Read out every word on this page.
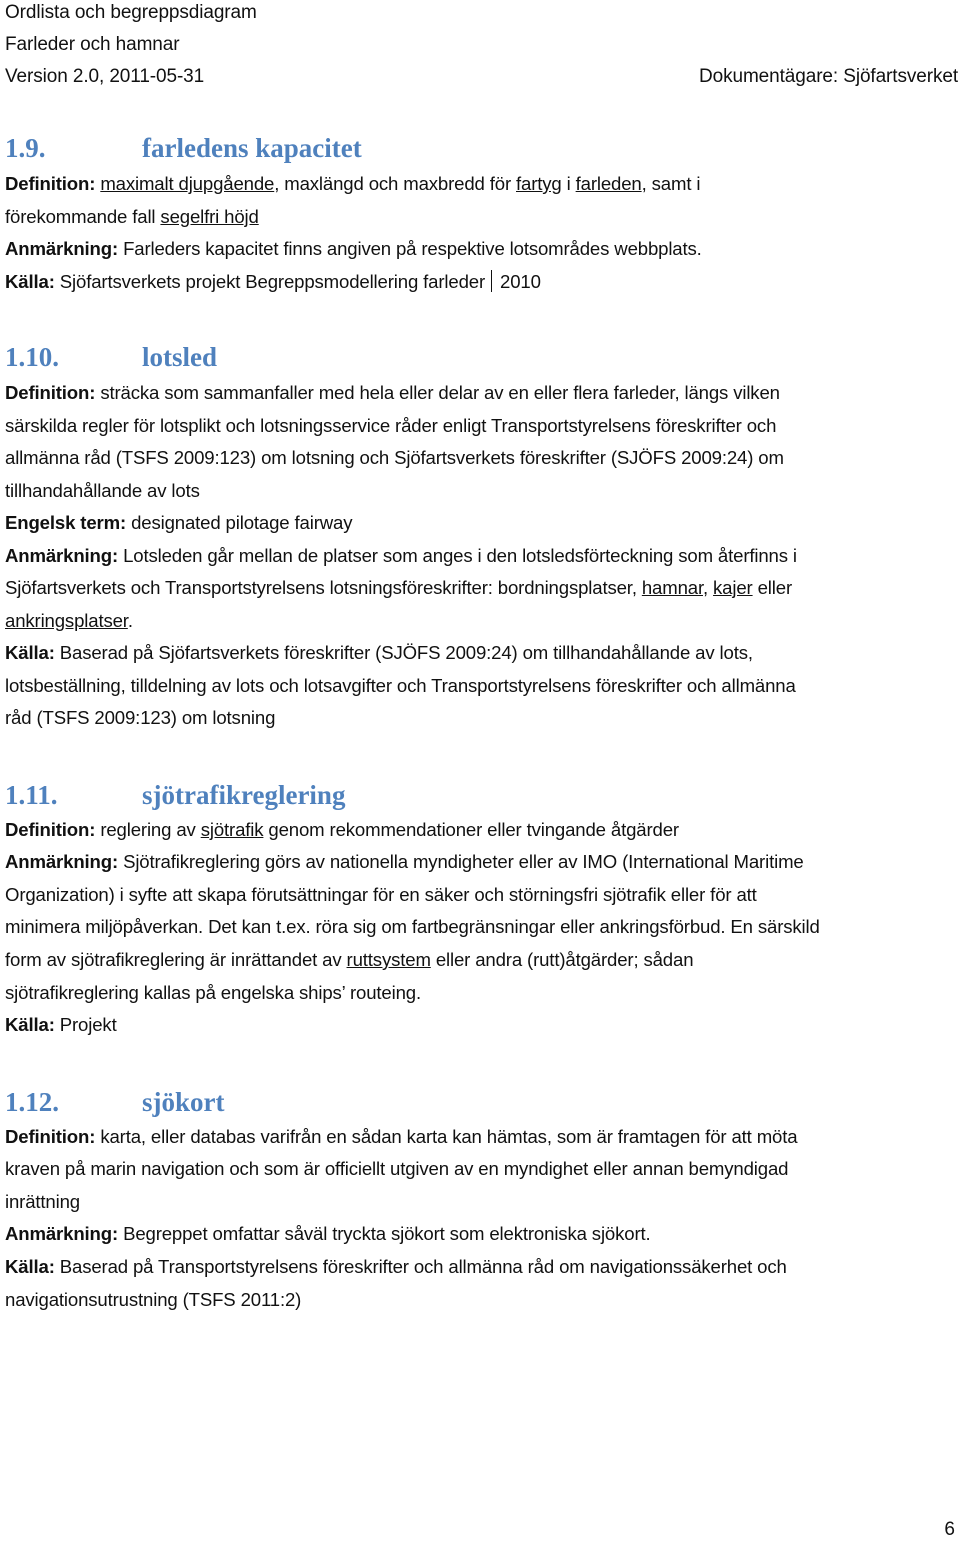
Ordlista och begreppsdiagram
Farleder och hamnar
Version 2.0, 2011-05-31	Dokumentägare: Sjöfartsverket
1.9.	farledens kapacitet
Definition: maximalt djupgående, maxlängd och maxbredd för fartyg i farleden, samt i
förekommande fall segelfri höjd
Anmärkning: Farleders kapacitet finns angiven på respektive lotsområdes webbplats.
Källa: Sjöfartsverkets projekt Begreppsmodellering farleder 2010
1.10.	lotsled
Definition: sträcka som sammanfaller med hela eller delar av en eller flera farleder, längs vilken
särskilda regler för lotsplikt och lotsningsservice råder enligt Transportstyrelsens föreskrifter och
allmänna råd (TSFS 2009:123) om lotsning och Sjöfartsverkets föreskrifter (SJÖFS 2009:24) om
tillhandahållande av lots
Engelsk term: designated pilotage fairway
Anmärkning: Lotsleden går mellan de platser som anges i den lotsledsförteckning som återfinns i
Sjöfartsverkets och Transportstyrelsens lotsningsföreskrifter: bordningsplatser, hamnar, kajer eller
ankringsplatser.
Källa: Baserad på Sjöfartsverkets föreskrifter (SJÖFS 2009:24) om tillhandahållande av lots,
lotsbeställning, tilldelning av lots och lotsavgifter och Transportstyrelsens föreskrifter och allmänna
råd (TSFS 2009:123) om lotsning
1.11.	sjötrafikreglering
Definition: reglering av sjötrafik genom rekommendationer eller tvingande åtgärder
Anmärkning: Sjötrafikreglering görs av nationella myndigheter eller av IMO (International Maritime
Organization) i syfte att skapa förutsättningar för en säker och störningsfri sjötrafik eller för att
minimera miljöpåverkan. Det kan t.ex. röra sig om fartbegränsningar eller ankringsförbud. En särskild
form av sjötrafikreglering är inrättandet av ruttsystem eller andra (rutt)åtgärder; sådan
sjötrafikreglering kallas på engelska ships’ routeing.
Källa: Projekt
1.12.	sjökort
Definition: karta, eller databas varifrån en sådan karta kan hämtas, som är framtagen för att möta
kraven på marin navigation och som är officiellt utgiven av en myndighet eller annan bemyndigad
inrättning
Anmärkning: Begreppet omfattar såväl tryckta sjökort som elektroniska sjökort.
Källa: Baserad på Transportstyrelsens föreskrifter och allmänna råd om navigationssäkerhet och
navigationsutrustning (TSFS 2011:2)
6
